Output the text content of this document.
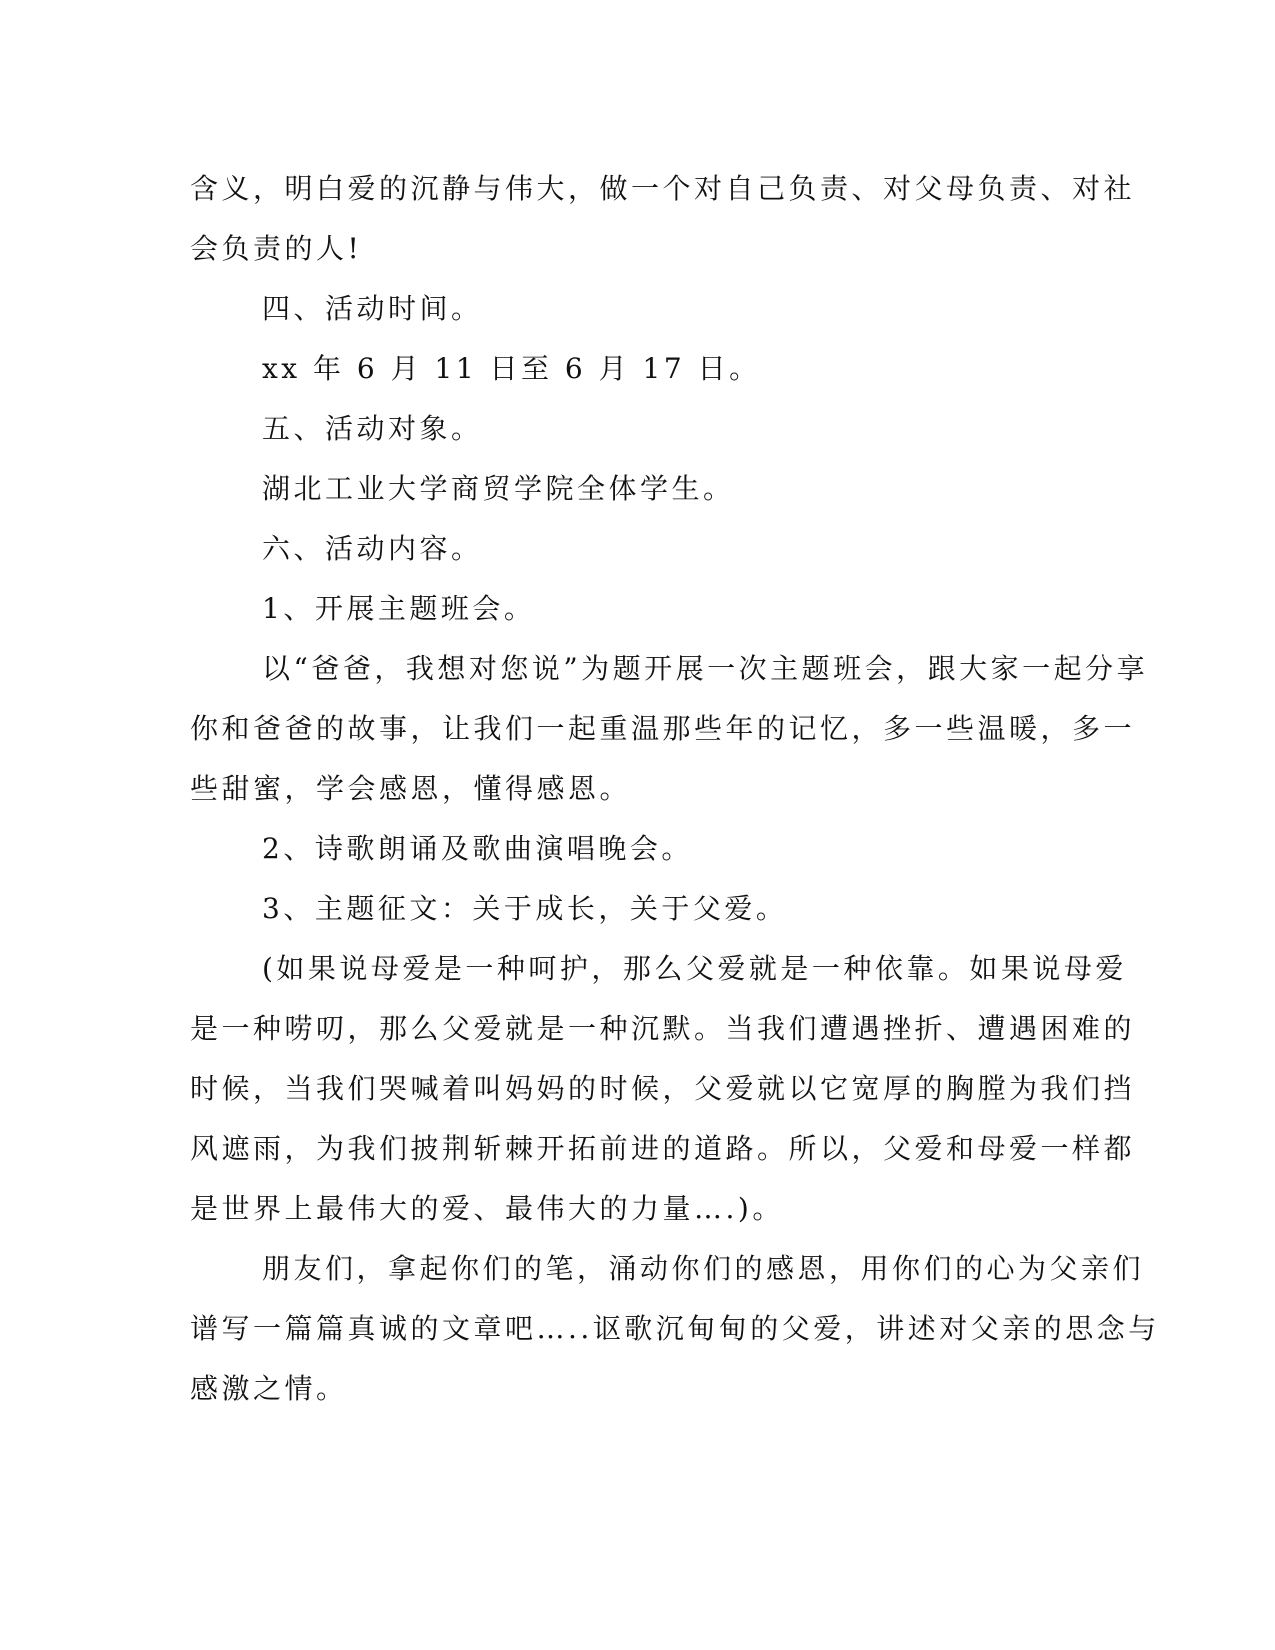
含义，明白爱的沉静与伟大，做一个对自己负责、对父母负责、对社
会负责的人!
四、活动时间。
xx 年 6 月 11 日至 6 月 17 日。
五、活动对象。
湖北工业大学商贸学院全体学生。
六、活动内容。
1、开展主题班会。
以“爸爸，我想对您说”为题开展一次主题班会，跟大家一起分享
你和爸爸的故事，让我们一起重温那些年的记忆，多一些温暖，多一
些甜蜜，学会感恩，懂得感恩。
2、诗歌朗诵及歌曲演唱晚会。
3、主题征文：关于成长，关于父爱。
(如果说母爱是一种呵护，那么父爱就是一种依靠。如果说母爱
是一种唠叨，那么父爱就是一种沉默。当我们遭遇挫折、遭遇困难的
时候，当我们哭喊着叫妈妈的时候，父爱就以它宽厚的胸膛为我们挡
风遮雨，为我们披荆斩棘开拓前进的道路。所以，父爱和母爱一样都
是世界上最伟大的爱、最伟大的力量….)。
朋友们，拿起你们的笔，涌动你们的感恩，用你们的心为父亲们
谱写一篇篇真诚的文章吧…..讴歌沉甸甸的父爱，讲述对父亲的思念与
感激之情。
